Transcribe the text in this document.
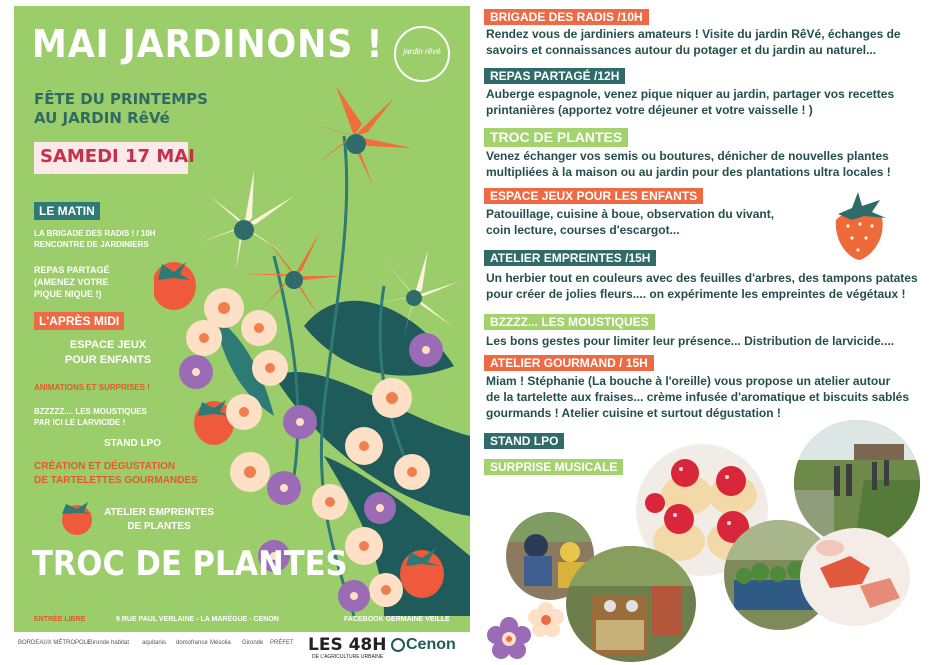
MAI JARDINONS !	jardin rêvé
FÊTE DU PRINTEMPS
AU JARDIN RêVé
SAMEDI 17 MAI
LE MATIN
LA BRIGADE DES RADIS ! / 10H
RENCONTRE DE JARDINIERS
REPAS PARTAGÉ
(AMENEZ VOTRE
PIQUE NIQUE !)
L'APRÈS MIDI
ESPACE JEUX
POUR ENFANTS
ANIMATIONS ET SURPRISES !
BZZZZZ.... LES MOUSTIQUES
PAR ICI LE LARVICIDE !
STAND LPO
CRÉATION ET DÉGUSTATION
DE TARTELETTES GOURMANDES
ATELIER EMPREINTES
DE PLANTES
TROC DE PLANTES
ENTRÉE LIBRE	9 RUE PAUL VERLAINE - LA MARÈGUE - CENON	FACEBOOK GERMAINE VEILLE
BORDEAUX MÉTROPOLE
Gironde habitat aquitanis domofrance Mésolia Gironde PRÉFET LES 48H
DE L'AGRICULTURE URBAINE
Cenon
BRIGADE DES RADIS /10H
Rendez vous de jardiniers amateurs ! Visite du jardin RêVé, échanges de
savoirs et connaissances autour du potager et du jardin au naturel...
REPAS PARTAGÉ /12H
Auberge espagnole, venez pique niquer au jardin, partager vos recettes
printanières (apportez votre déjeuner et votre vaisselle ! )
TROC DE PLANTES
Venez échanger vos semis ou boutures, dénicher de nouvelles plantes
multipliées à la maison ou au jardin pour des plantations ultra locales !
ESPACE JEUX POUR LES ENFANTS
Patouillage, cuisine à boue, observation du vivant,
coin lecture, courses d'escargot...
ATELIER EMPREINTES /15H
Un herbier tout en couleurs avec des feuilles d'arbres, des tampons patates
pour créer de jolies fleurs.... on expérimente les empreintes de végétaux !
BZZZZ... LES MOUSTIQUES
Les bons gestes pour limiter leur présence... Distribution de larvicide....
ATELIER GOURMAND / 15H
Miam ! Stéphanie (La bouche à l'oreille) vous propose un atelier autour
de la tartelette aux fraises... crème infusée d'aromatique et biscuits sablés
gourmands ! Atelier cuisine et surtout dégustation !
STAND LPO
SURPRISE MUSICALE
